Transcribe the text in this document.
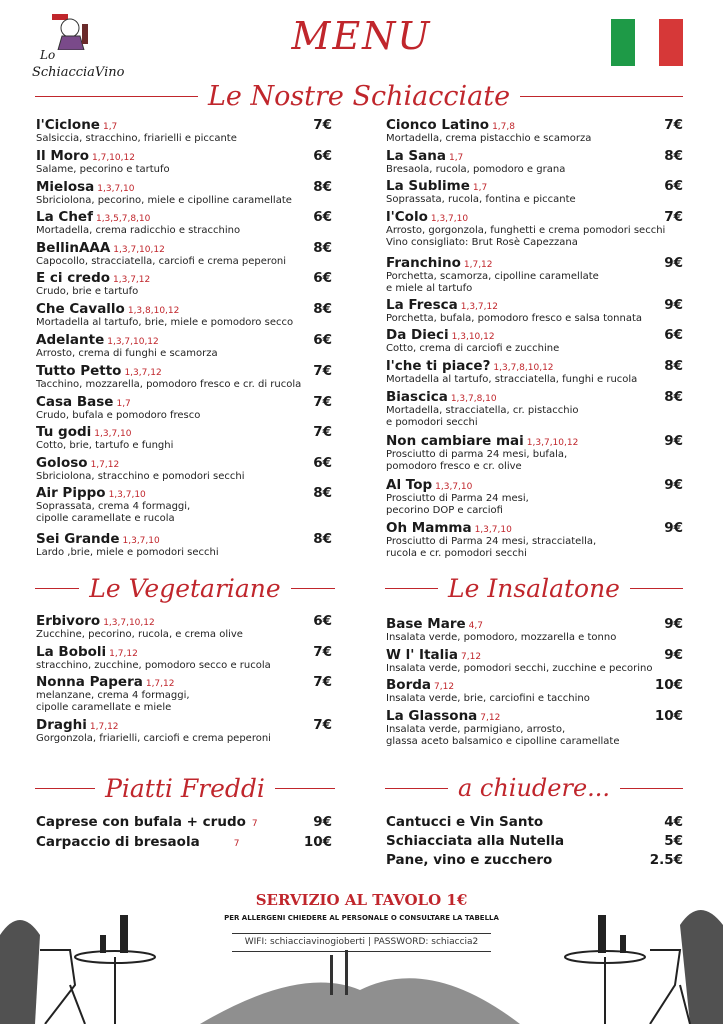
Lo
SchiacciaVino
MENU
Le Nostre Schiacciate
Le Vegetariane	Le Insalatone
Piatti Freddi	a chiudere...
l'Ciclone 1,7
Salsiccia, stracchino, friarielli e piccante
7€
Il Moro 1,7,10,12
Salame, pecorino e tartufo
6€
Mielosa 1,3,7,10
Sbriciolona, pecorino, miele e cipolline caramellate
8€
La Chef 1,3,5,7,8,10
Mortadella, crema radicchio e stracchino
6€
BellinAAA 1,3,7,10,12
Capocollo, stracciatella, carciofi e crema peperoni
8€
E ci credo 1,3,7,12
Crudo, brie e tartufo
6€
Che Cavallo 1,3,8,10,12
Mortadella al tartufo, brie, miele e pomodoro secco
8€
Adelante 1,3,7,10,12
Arrosto, crema di funghi e scamorza
6€
Tutto Petto 1,3,7,12
Tacchino, mozzarella, pomodoro fresco e cr. di rucola
7€
Casa Base 1,7
Crudo, bufala e pomodoro fresco
7€
Tu godi 1,3,7,10
Cotto, brie, tartufo e funghi
7€
Goloso 1,7,12
Sbriciolona, stracchino e pomodori secchi
6€
Air Pippo 1,3,7,10
Soprassata, crema 4 formaggi,
cipolle caramellate e rucola
8€
Sei Grande 1,3,7,10
Lardo ,brie, miele e pomodori secchi
8€
Cionco Latino 1,7,8
Mortadella, crema pistacchio e scamorza
7€
La Sana 1,7
Bresaola, rucola, pomodoro e grana
8€
La Sublime 1,7
Soprassata, rucola, fontina e piccante
6€
l'Colo 1,3,7,10
Arrosto, gorgonzola, funghetti e crema pomodori secchi
Vino consigliato: Brut Rosè Capezzana
7€
Franchino 1,7,12
Porchetta, scamorza, cipolline caramellate
e miele al tartufo
9€
La Fresca 1,3,7,12
Porchetta, bufala, pomodoro fresco e salsa tonnata
9€
Da Dieci 1,3,10,12
Cotto, crema di carciofi e zucchine
6€
l'che ti piace? 1,3,7,8,10,12
Mortadella al tartufo, stracciatella, funghi e rucola
8€
Biascica 1,3,7,8,10
Mortadella, stracciatella, cr. pistacchio
e pomodori secchi
8€
Non cambiare mai 1,3,7,10,12
Prosciutto di parma 24 mesi, bufala,
pomodoro fresco e cr. olive
9€
Al Top 1,3,7,10
Prosciutto di Parma 24 mesi,
pecorino DOP e carciofi
9€
Oh Mamma 1,3,7,10
Prosciutto di Parma 24 mesi, stracciatella,
rucola e cr. pomodori secchi
9€
Erbivoro 1,3,7,10,12
Zucchine, pecorino, rucola, e crema olive
6€
La Boboli 1,7,12
stracchino, zucchine, pomodoro secco e rucola
7€
Nonna Papera 1,7,12
melanzane, crema 4 formaggi,
cipolle caramellate e miele
7€
Draghi 1,7,12
Gorgonzola, friarielli, carciofi e crema peperoni
7€
Base Mare 4,7
Insalata verde, pomodoro, mozzarella e tonno
9€
W l' Italia 7,12
Insalata verde, pomodori secchi, zucchine e pecorino
9€
Borda 7,12
Insalata verde, brie, carciofini e tacchino
10€
La Glassona 7,12
Insalata verde, parmigiano, arrosto,
glassa aceto balsamico e cipolline caramellate
10€
Caprese con bufala + crudo 7	9€
Carpaccio di bresaola	7	10€
Cantucci e Vin Santo	4€
Schiacciata alla Nutella	5€
Pane, vino e zucchero	2.5€
SERVIZIO AL TAVOLO 1€
PER ALLERGENI CHIEDERE AL PERSONALE O CONSULTARE LA TABELLA
WIFI: schiacciavinogioberti | PASSWORD: schiaccia2
